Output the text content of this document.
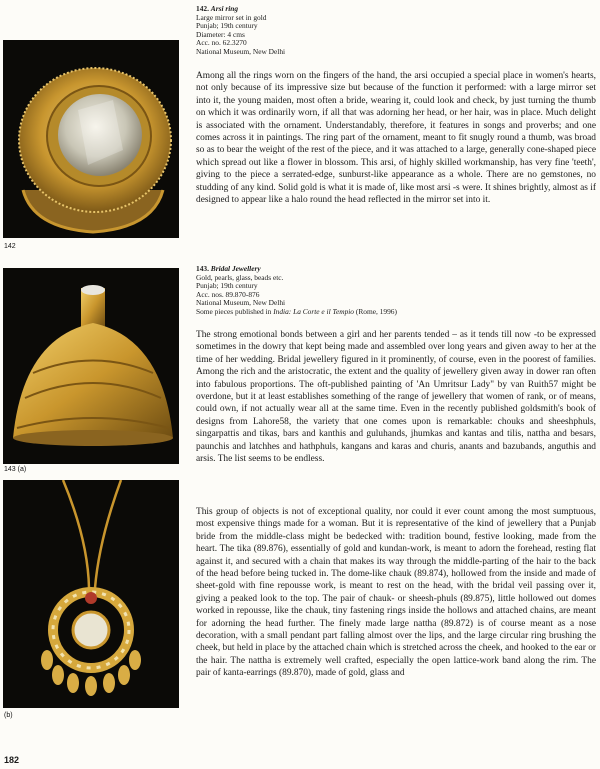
142
143 (a)
(b)
142. Arsi ring
Large mirror set in gold
Punjab; 19th century
Diameter: 4 cms
Acc. no. 62.3270
National Museum, New Delhi

Among all the rings worn on the fingers of the hand, the arsi occupied a special place in women's hearts, not only because of its impressive size but because of the function it performed: with a large mirror set into it, the young maiden, most often a bride, wearing it, could look and check, by just turning the thumb on which it was ordinarily worn, if all that was adorning her head, or her hair, was in place. Much delight is associated with the ornament. Understandably, therefore, it features in songs and proverbs; and one comes across it in paintings. The ring part of the ornament, meant to fit snugly round a thumb, was broad so as to bear the weight of the rest of the piece, and it was attached to a large, generally cone-shaped piece which spread out like a flower in blossom. This arsi, of highly skilled workmanship, has very fine 'teeth', giving to the piece a serrated-edge, sunburst-like appearance as a whole. There are no gemstones, no studding of any kind. Solid gold is what it is made of, like most arsi -s were. It shines brightly, almost as if designed to appear like a halo round the head reflected in the mirror set into it.

143. Bridal Jewellery
Gold, pearls, glass, beads etc.
Punjab; 19th century
Acc. nos. 89.870-876
National Museum, New Delhi
Some pieces published in India: La Corte e il Tempio (Rome, 1996)

The strong emotional bonds between a girl and her parents tended – as it tends till now -to be expressed sometimes in the dowry that kept being made and assembled over long years and given away to her at the time of her wedding. Bridal jewellery figured in it prominently, of course, even in the poorest of families. Among the rich and the aristocratic, the extent and the quality of jewellery given away in dower ran often into fabulous proportions. The oft-published painting of 'An Umritsur Lady" by van Ruith57 might be overdone, but it at least establishes something of the range of jewellery that women of rank, or of means, could own, if not actually wear all at the same time. Even in the recently published goldsmith's book of designs from Lahore58, the variety that one comes upon is remarkable: chouks and sheeshphuls, singarpattis and tikas, bars and kanthis and guluhands, jhumkas and kantas and tilis, nattha and besars, paunchis and latchhes and hathphuls, kangans and karas and churis, anants and bazubands, anguthis and arsis. The list seems to be endless.

This group of objects is not of exceptional quality, nor could it ever count among the most sumptuous, most expensive things made for a woman. But it is representative of the kind of jewellery that a Punjab bride from the middle-class might be bedecked with: tradition bound, festive looking, made from the heart. The tika (89.876), essentially of gold and kundan-work, is meant to adorn the forehead, resting flat against it, and secured with a chain that makes its way through the middle-parting of the hair to the back of the head before being tucked in. The dome-like chauk (89.874), hollowed from the inside and made of sheet-gold with fine repousse work, is meant to rest on the head, with the bridal veil passing over it, giving a peaked look to the top. The pair of chauk- or sheesh-phuls (89.875), little hollowed out domes worked in repousse, like the chauk, tiny fastening rings inside the hollows and attached chains, are meant for adorning the head further. The finely made large nattha (89.872) is of course meant as a nose decoration, with a small pendant part falling almost over the lips, and the large circular ring brushing the cheek, but held in place by the attached chain which is stretched across the cheek, and hooked to the ear or the hair. The nattha is extremely well crafted, especially the open lattice-work band along the rim. The pair of kanta-earrings (89.870), made of gold, glass and

182
